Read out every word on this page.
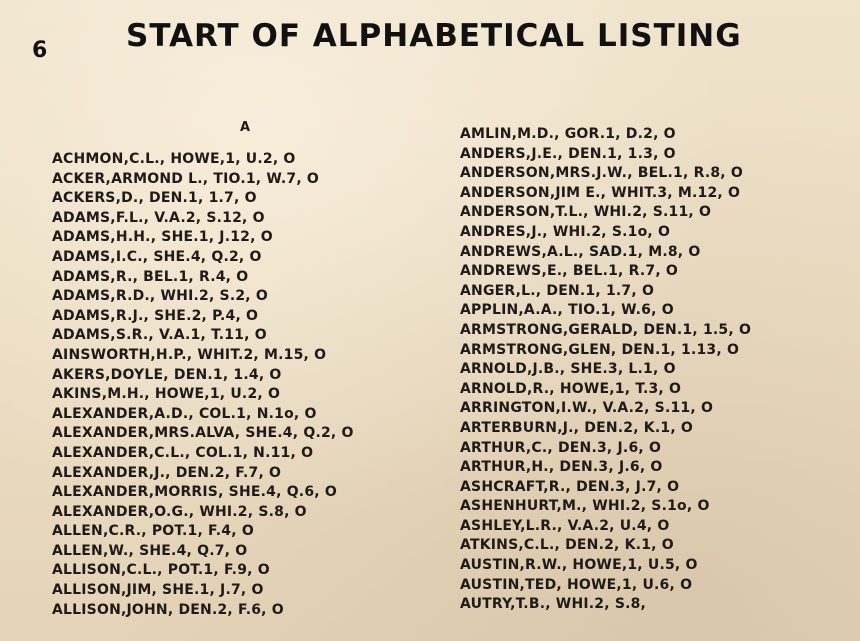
6	START OF ALPHABETICAL LISTING
A
ACHMON,C.L., HOWE,1, U.2, O
ACKER,ARMOND L., TIO.1, W.7, O
ACKERS,D., DEN.1, 1.7, O
ADAMS,F.L., V.A.2, S.12, O
ADAMS,H.H., SHE.1, J.12, O
ADAMS,I.C., SHE.4, Q.2, O
ADAMS,R., BEL.1, R.4, O
ADAMS,R.D., WHI.2, S.2, O
ADAMS,R.J., SHE.2, P.4, O
ADAMS,S.R., V.A.1, T.11, O
AINSWORTH,H.P., WHIT.2, M.15, O
AKERS,DOYLE, DEN.1, 1.4, O
AKINS,M.H., HOWE,1, U.2, O
ALEXANDER,A.D., COL.1, N.1o, O
ALEXANDER,MRS.ALVA, SHE.4, Q.2, O
ALEXANDER,C.L., COL.1, N.11, O
ALEXANDER,J., DEN.2, F.7, O
ALEXANDER,MORRIS, SHE.4, Q.6, O
ALEXANDER,O.G., WHI.2, S.8, O
ALLEN,C.R., POT.1, F.4, O
ALLEN,W., SHE.4, Q.7, O
ALLISON,C.L., POT.1, F.9, O
ALLISON,JIM, SHE.1, J.7, O
ALLISON,JOHN, DEN.2, F.6, O
AMLIN,M.D., GOR.1, D.2, O
ANDERS,J.E., DEN.1, 1.3, O
ANDERSON,MRS.J.W., BEL.1, R.8, O
ANDERSON,JIM E., WHIT.3, M.12, O
ANDERSON,T.L., WHI.2, S.11, O
ANDRES,J., WHI.2, S.1o, O
ANDREWS,A.L., SAD.1, M.8, O
ANDREWS,E., BEL.1, R.7, O
ANGER,L., DEN.1, 1.7, O
APPLIN,A.A., TIO.1, W.6, O
ARMSTRONG,GERALD, DEN.1, 1.5, O
ARMSTRONG,GLEN, DEN.1, 1.13, O
ARNOLD,J.B., SHE.3, L.1, O
ARNOLD,R., HOWE,1, T.3, O
ARRINGTON,I.W., V.A.2, S.11, O
ARTERBURN,J., DEN.2, K.1, O
ARTHUR,C., DEN.3, J.6, O
ARTHUR,H., DEN.3, J.6, O
ASHCRAFT,R., DEN.3, J.7, O
ASHENHURT,M., WHI.2, S.1o, O
ASHLEY,L.R., V.A.2, U.4, O
ATKINS,C.L., DEN.2, K.1, O
AUSTIN,R.W., HOWE,1, U.5, O
AUSTIN,TED, HOWE,1, U.6, O
AUTRY,T.B., WHI.2, S.8,
